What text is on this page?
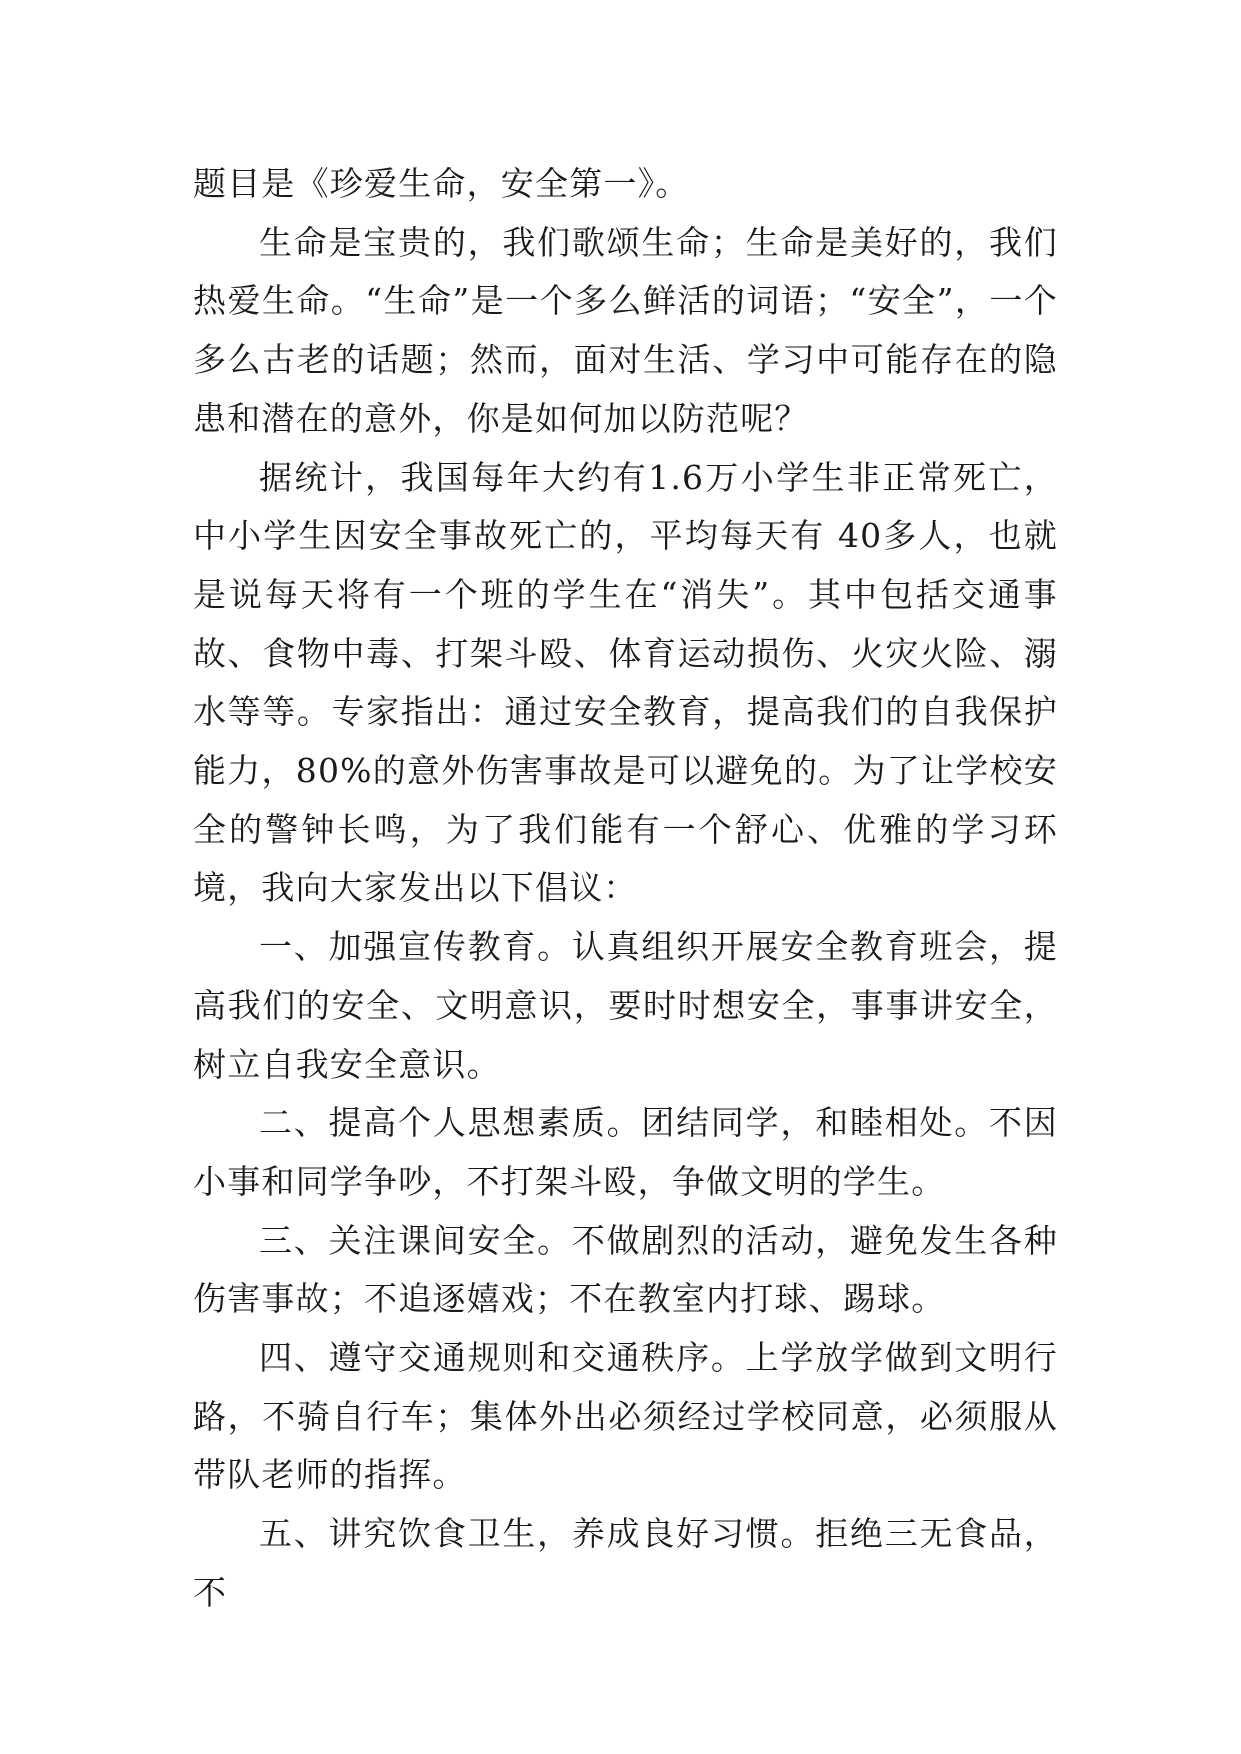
题目是《珍爱生命，安全第一》。

生命是宝贵的，我们歌颂生命；生命是美好的，我们热爱生命。“生命”是一个多么鲜活的词语；“安全”，一个多么古老的话题；然而，面对生活、学习中可能存在的隐患和潜在的意外，你是如何加以防范呢？

据统计，我国每年大约有1.6万小学生非正常死亡，中小学生因安全事故死亡的，平均每天有 40多人，也就是说每天将有一个班的学生在“消失”。其中包括交通事故、食物中毒、打架斗殴、体育运动损伤、火灾火险、溺水等等。专家指出：通过安全教育，提高我们的自我保护能力，80%的意外伤害事故是可以避免的。为了让学校安全的警钟长鸣，为了我们能有一个舒心、优雅的学习环境，我向大家发出以下倡议：

一、加强宣传教育。认真组织开展安全教育班会，提高我们的安全、文明意识，要时时想安全，事事讲安全，树立自我安全意识。

二、提高个人思想素质。团结同学，和睦相处。不因小事和同学争吵，不打架斗殴，争做文明的学生。

三、关注课间安全。不做剧烈的活动，避免发生各种伤害事故；不追逐嬉戏；不在教室内打球、踢球。

四、遵守交通规则和交通秩序。上学放学做到文明行路，不骑自行车；集体外出必须经过学校同意，必须服从带队老师的指挥。

五、讲究饮食卫生，养成良好习惯。拒绝三无食品，不
